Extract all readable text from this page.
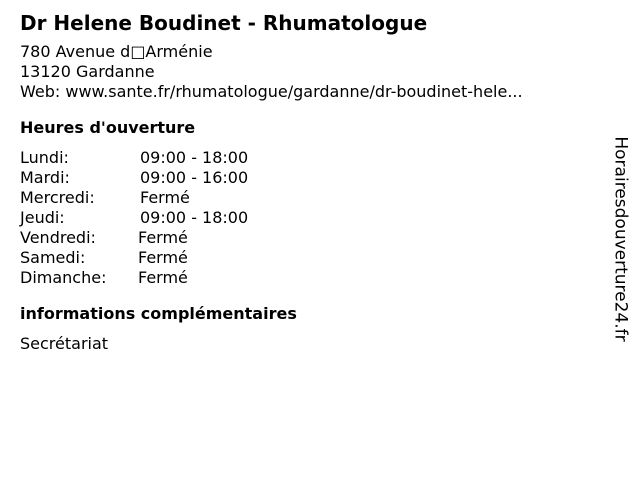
Dr Helene Boudinet - Rhumatologue
780 Avenue d□Arménie
13120 Gardanne
Web: www.sante.fr/rhumatologue/gardanne/dr-boudinet-hele...
Heures d'ouverture
Lundi:	09:00 - 18:00
Mardi:	09:00 - 16:00
Mercredi:	Fermé
Jeudi:	09:00 - 18:00
Vendredi:	Fermé
Samedi:	Fermé
Dimanche:	Fermé
informations complémentaires
Secrétariat
Horairesdouverture24.fr
